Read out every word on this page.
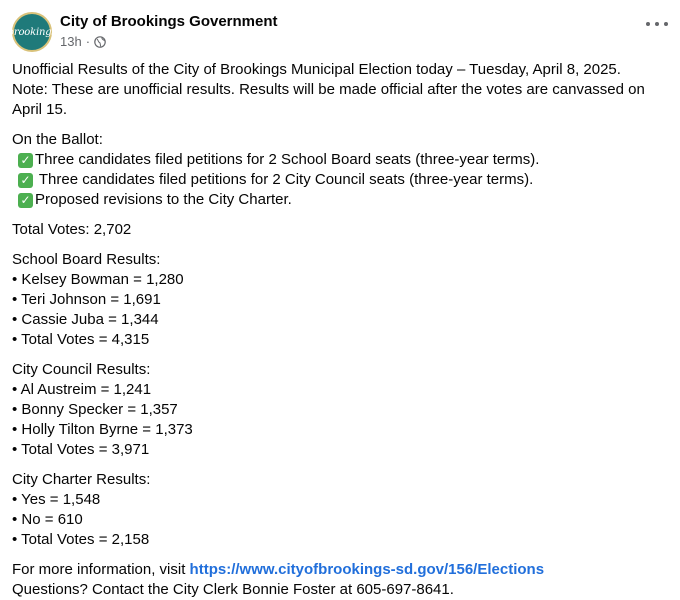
brookings
City of Brookings Government
13h ·

Unofficial Results of the City of Brookings Municipal Election today – Tuesday, April 8, 2025.

Note: These are unofficial results. Results will be made official after the votes are canvassed on April 15.

On the Ballot:

✓ Three candidates filed petitions for 2 School Board seats (three-year terms).
✓ Three candidates filed petitions for 2 City Council seats (three-year terms).
✓ Proposed revisions to the City Charter.

Total Votes: 2,702

School Board Results:

• Kelsey Bowman = 1,280

• Teri Johnson = 1,691

• Cassie Juba = 1,344

• Total Votes = 4,315

City Council Results:

• Al Austreim = 1,241

• Bonny Specker = 1,357

• Holly Tilton Byrne = 1,373

• Total Votes = 3,971

City Charter Results:

• Yes = 1,548

• No = 610

• Total Votes = 2,158

For more information, visit https://www.cityofbrookings-sd.gov/156/Elections

Questions? Contact the City Clerk Bonnie Foster at 605-697-8641.
